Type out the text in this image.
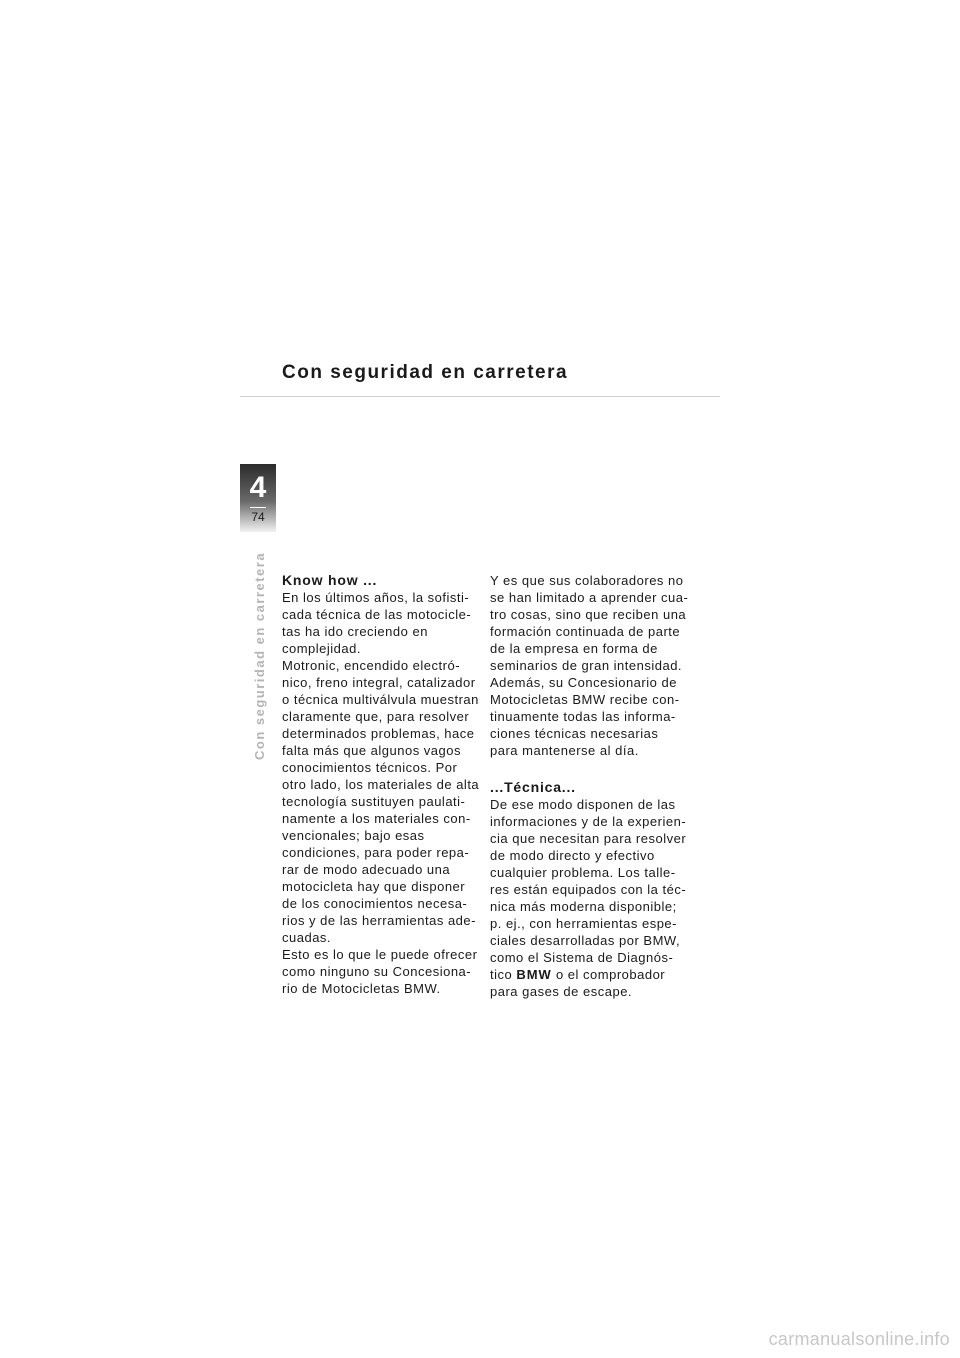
Con seguridad en carretera
4
74
Con seguridad en carretera Know how ...
En los últimos años, la sofisti-
cada técnica de las motocicle-
tas ha ido creciendo en
complejidad.
Motronic, encendido electró-
nico, freno integral, catalizador
o técnica multiválvula muestran
claramente que, para resolver
determinados problemas, hace
falta más que algunos vagos
conocimientos técnicos. Por
otro lado, los materiales de alta
tecnología sustituyen paulati-
namente a los materiales con-
vencionales; bajo esas
condiciones, para poder repa-
rar de modo adecuado una
motocicleta hay que disponer
de los conocimientos necesa-
rios y de las herramientas ade-
cuadas.
Esto es lo que le puede ofrecer
como ninguno su Concesiona-
rio de Motocicletas BMW.
Y es que sus colaboradores no
se han limitado a aprender cua-
tro cosas, sino que reciben una
formación continuada de parte
de la empresa en forma de
seminarios de gran intensidad.
Además, su Concesionario de
Motocicletas BMW recibe con-
tinuamente todas las informa-
ciones técnicas necesarias
para mantenerse al día.
...Técnica...
De ese modo disponen de las
informaciones y de la experien-
cia que necesitan para resolver
de modo directo y efectivo
cualquier problema. Los talle-
res están equipados con la téc-
nica más moderna disponible;
p. ej., con herramientas espe-
ciales desarrolladas por BMW,
como el Sistema de Diagnós-
tico BMW o el comprobador
para gases de escape.
carmanualsonline.info
